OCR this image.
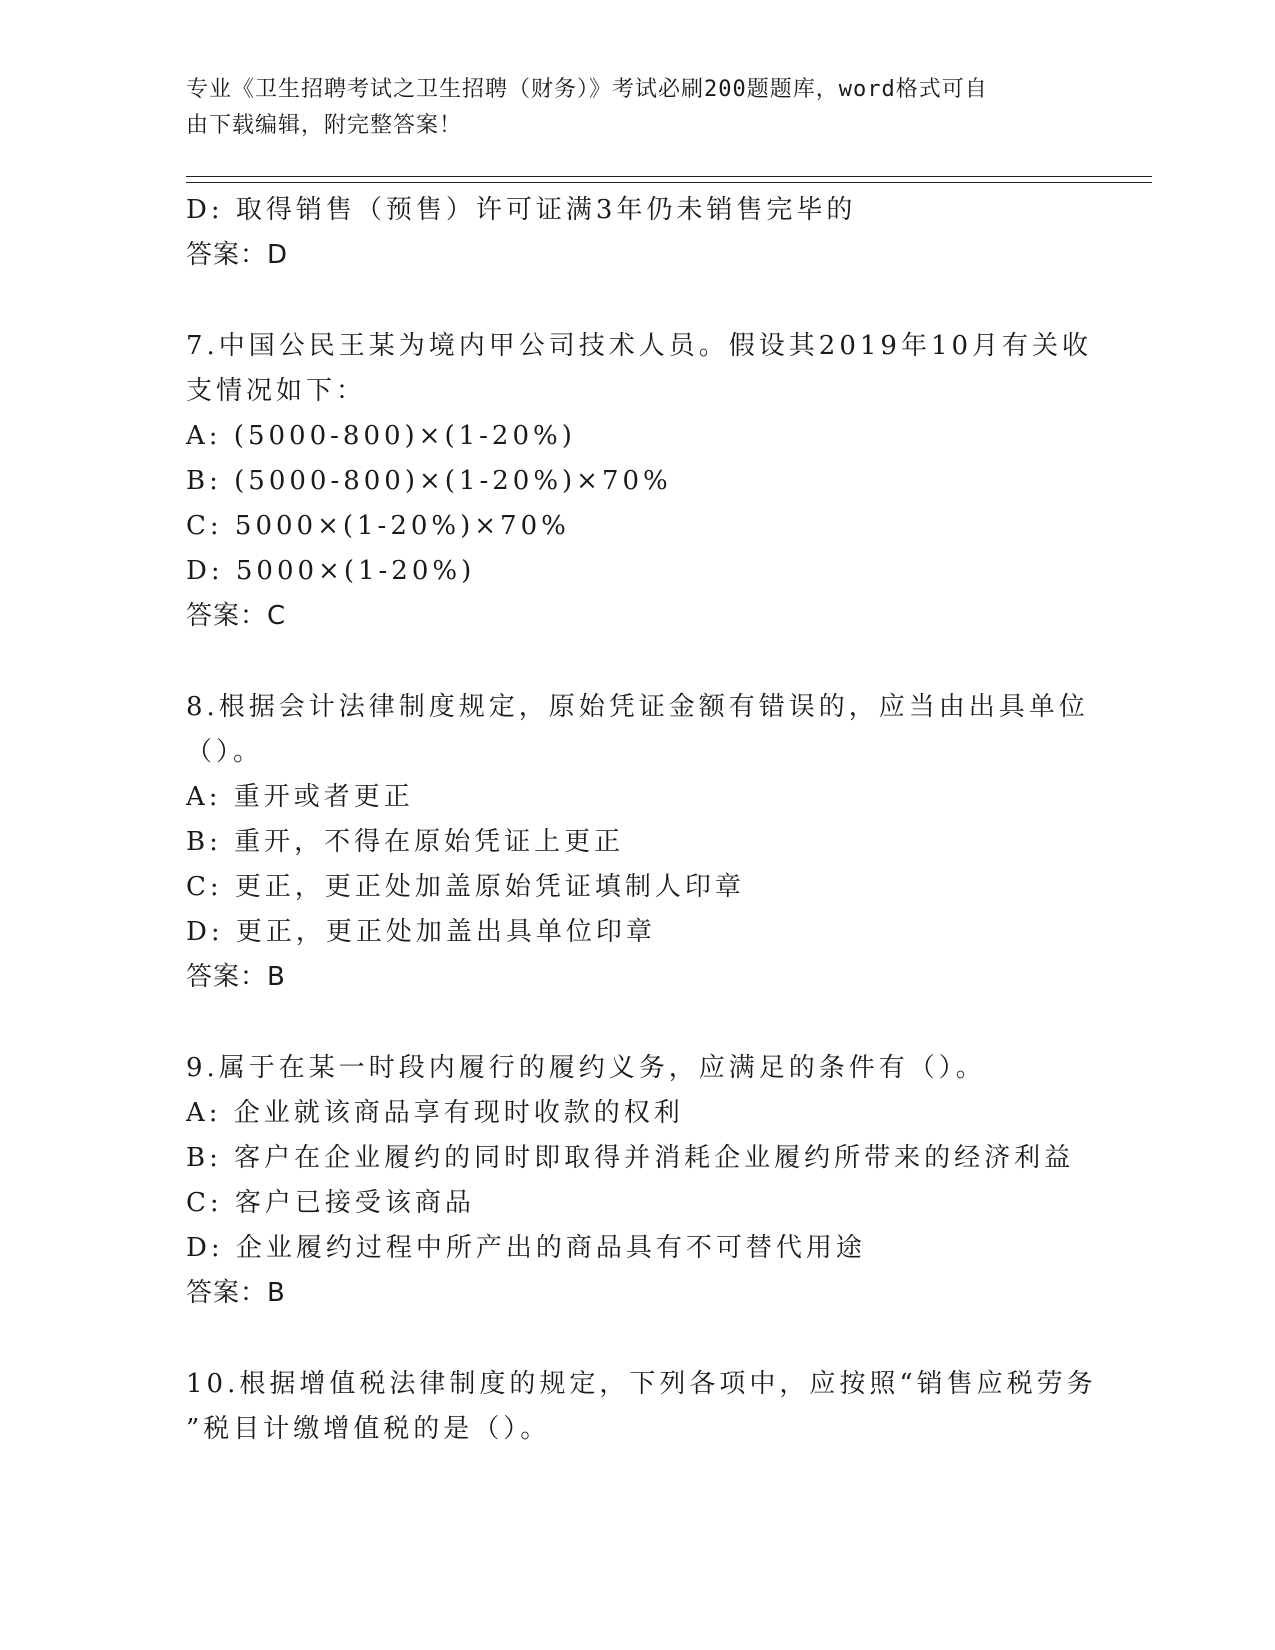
专业《卫生招聘考试之卫生招聘（财务）》考试必刷200题题库，word格式可自
由下载编辑，附完整答案！
D: 取得销售（预售）许可证满3年仍未销售完毕的
答案：D
7.中国公民王某为境内甲公司技术人员。假设其2019年10月有关收
支情况如下：
A: (5000-800)×(1-20%)
B: (5000-800)×(1-20%)×70%
C: 5000×(1-20%)×70%
D: 5000×(1-20%)
答案：C
8.根据会计法律制度规定，原始凭证金额有错误的，应当由出具单位
（）。
A: 重开或者更正
B: 重开，不得在原始凭证上更正
C: 更正，更正处加盖原始凭证填制人印章
D: 更正，更正处加盖出具单位印章
答案：B
9.属于在某一时段内履行的履约义务，应满足的条件有（）。
A: 企业就该商品享有现时收款的权利
B: 客户在企业履约的同时即取得并消耗企业履约所带来的经济利益
C: 客户已接受该商品
D: 企业履约过程中所产出的商品具有不可替代用途
答案：B
10.根据增值税法律制度的规定，下列各项中，应按照“销售应税劳务
”税目计缴增值税的是（）。
